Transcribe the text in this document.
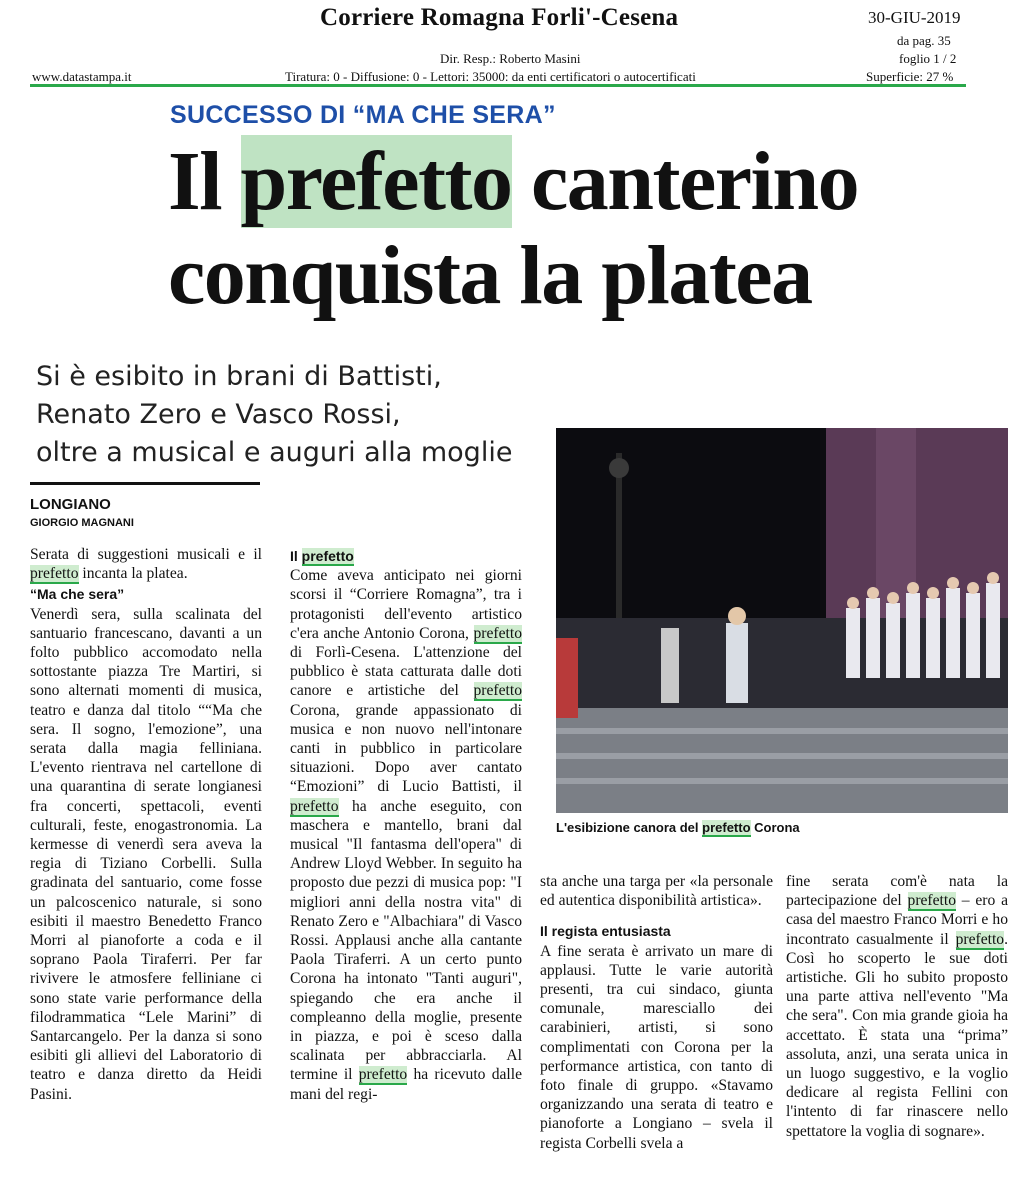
Corriere Romagna Forli'-Cesena	30-GIU-2019
da pag. 35
foglio 1 / 2
Dir. Resp.: Roberto Masini
www.datastampa.it	Tiratura: 0 - Diffusione: 0 - Lettori: 35000: da enti certificatori o autocertificati	Superficie: 27 %
SUCCESSO DI “MA CHE SERA”
Il prefetto canterino
conquista la platea
Si è esibito in brani di Battisti,
Renato Zero e Vasco Rossi,
oltre a musical e auguri alla moglie
LONGIANO
GIORGIO MAGNANI

Serata di suggestioni musicali e il prefetto incanta la platea.

“Ma che sera”

Venerdì sera, sulla scalinata del santuario francescano, davanti a un folto pubblico accomodato nella sottostante piazza Tre Martiri, si sono alternati momenti di musica, teatro e danza dal titolo ““Ma che sera. Il sogno, l'emozione”, una serata dalla magia felliniana. L'evento rientrava nel cartellone di una quarantina di serate longianesi fra concerti, spettacoli, eventi culturali, feste, enogastronomia. La kermesse di venerdì sera aveva la regia di Tiziano Corbelli. Sulla gradinata del santuario, come fosse un palcoscenico naturale, si sono esibiti il maestro Benedetto Franco Morri al pianoforte a coda e il soprano Paola Tiraferri. Per far rivivere le atmosfere felliniane ci sono state varie performance della filodrammatica “Lele Marini” di Santarcangelo. Per la danza si sono esibiti gli allievi del Laboratorio di teatro e danza diretto da Heidi Pasini.

Il prefetto

Come aveva anticipato nei giorni scorsi il “Corriere Romagna”, tra i protagonisti dell'evento artistico c'era anche Antonio Corona, prefetto di Forlì-Cesena. L'attenzione del pubblico è stata catturata dalle doti canore e artistiche del prefetto Corona, grande appassionato di musica e non nuovo nell'intonare canti in pubblico in particolare situazioni. Dopo aver cantato “Emozioni” di Lucio Battisti, il prefetto ha anche eseguito, con maschera e mantello, brani dal musical "Il fantasma dell'opera" di Andrew Lloyd Webber. In seguito ha proposto due pezzi di musica pop: "I migliori anni della nostra vita" di Renato Zero e "Albachiara" di Vasco Rossi. Applausi anche alla cantante Paola Tiraferri. A un certo punto Corona ha intonato "Tanti auguri", spiegando che era anche il compleanno della moglie, presente in piazza, e poi è sceso dalla scalinata per abbracciarla. Al termine il prefetto ha ricevuto dalle mani del regi-

L'esibizione canora del prefetto Corona

sta anche una targa per «la personale ed autentica disponibilità artistica».

Il regista entusiasta

A fine serata è arrivato un mare di applausi. Tutte le varie autorità presenti, tra cui sindaco, giunta comunale, maresciallo dei carabinieri, artisti, si sono complimentati con Corona per la performance artistica, con tanto di foto finale di gruppo. «Stavamo organizzando una serata di teatro e pianoforte a Longiano – svela il regista Corbelli svela a

fine serata com'è nata la partecipazione del prefetto – ero a casa del maestro Franco Morri e ho incontrato casualmente il prefetto. Così ho scoperto le sue doti artistiche. Gli ho subito proposto una parte attiva nell'evento "Ma che sera". Con mia grande gioia ha accettato. È stata una “prima” assoluta, anzi, una serata unica in un luogo suggestivo, e la voglio dedicare al regista Fellini con l'intento di far rinascere nello spettatore la voglia di sognare».
